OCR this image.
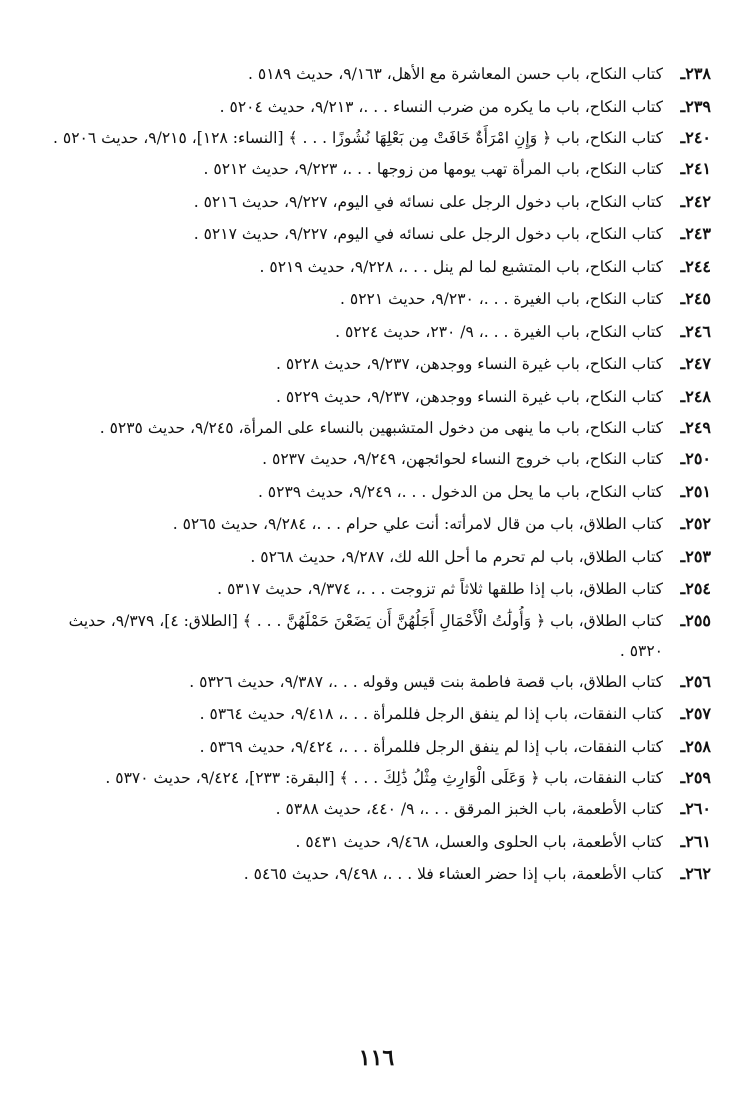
٢٣٨ـ
كتاب النكاح، باب حسن المعاشرة مع الأهل، ٩/١٦٣، حديث ٥١٨٩ .
٢٣٩ـ
كتاب النكاح، باب ما يكره من ضرب النساء . . .، ٩/٢١٣، حديث ٥٢٠٤ .
٢٤٠ـ
كتاب النكاح، باب ﴿ وَإِنِ امْرَأَةٌ خَافَتْ مِن بَعْلِهَا نُشُوزًا . . . ﴾ [النساء: ١٢٨]، ٩/٢١٥، حديث ٥٢٠٦ .
٢٤١ـ
كتاب النكاح، باب المرأة تهب يومها من زوجها . . .، ٩/٢٢٣، حديث ٥٢١٢ .
٢٤٢ـ
كتاب النكاح، باب دخول الرجل على نسائه في اليوم، ٩/٢٢٧، حديث ٥٢١٦ .
٢٤٣ـ
كتاب النكاح، باب دخول الرجل على نسائه في اليوم، ٩/٢٢٧، حديث ٥٢١٧ .
٢٤٤ـ
كتاب النكاح، باب المتشبع لما لم ينل . . .، ٩/٢٢٨، حديث ٥٢١٩ .
٢٤٥ـ
كتاب النكاح، باب الغيرة . . .، ٩/٢٣٠، حديث ٥٢٢١ .
٢٤٦ـ
كتاب النكاح، باب الغيرة . . .، ٩/ ٢٣٠، حديث ٥٢٢٤ .
٢٤٧ـ
كتاب النكاح، باب غيرة النساء ووجدهن، ٩/٢٣٧، حديث ٥٢٢٨ .
٢٤٨ـ
كتاب النكاح، باب غيرة النساء ووجدهن، ٩/٢٣٧، حديث ٥٢٢٩ .
٢٤٩ـ
كتاب النكاح، باب ما ينهى من دخول المتشبهين بالنساء على المرأة، ٩/٢٤٥، حديث ٥٢٣٥ .
٢٥٠ـ
كتاب النكاح، باب خروج النساء لحوائجهن، ٩/٢٤٩، حديث ٥٢٣٧ .
٢٥١ـ
كتاب النكاح، باب ما يحل من الدخول . . .، ٩/٢٤٩، حديث ٥٢٣٩ .
٢٥٢ـ
كتاب الطلاق، باب من قال لامرأته: أنت علي حرام . . .، ٩/٢٨٤، حديث ٥٢٦٥ .
٢٥٣ـ
كتاب الطلاق، باب لم تحرم ما أحل الله لك، ٩/٢٨٧، حديث ٥٢٦٨ .
٢٥٤ـ
كتاب الطلاق، باب إذا طلقها ثلاثاً ثم تزوجت . . .، ٩/٣٧٤، حديث ٥٣١٧ .
٢٥٥ـ
كتاب الطلاق، باب ﴿ وَأُولَٰتُ الْأَحْمَالِ أَجَلُهُنَّ أَن يَضَعْنَ حَمْلَهُنَّ . . . ﴾ [الطلاق: ٤]، ٩/٣٧٩، حديث ٥٣٢٠ .
٢٥٦ـ
كتاب الطلاق، باب قصة فاطمة بنت قيس وقوله . . .، ٩/٣٨٧، حديث ٥٣٢٦ .
٢٥٧ـ
كتاب النفقات، باب إذا لم ينفق الرجل فللمرأة . . .، ٩/٤١٨، حديث ٥٣٦٤ .
٢٥٨ـ
كتاب النفقات، باب إذا لم ينفق الرجل فللمرأة . . .، ٩/٤٢٤، حديث ٥٣٦٩ .
٢٥٩ـ
كتاب النفقات، باب ﴿ وَعَلَى الْوَارِثِ مِثْلُ ذَٰلِكَ . . . ﴾ [البقرة: ٢٣٣]، ٩/٤٢٤، حديث ٥٣٧٠ .
٢٦٠ـ
كتاب الأطعمة، باب الخبز المرقق . . .، ٩/ ٤٤٠، حديث ٥٣٨٨ .
٢٦١ـ
كتاب الأطعمة، باب الحلوى والعسل، ٩/٤٦٨، حديث ٥٤٣١ .
٢٦٢ـ
كتاب الأطعمة، باب إذا حضر العشاء فلا . . .، ٩/٤٩٨، حديث ٥٤٦٥ .
١١٦
